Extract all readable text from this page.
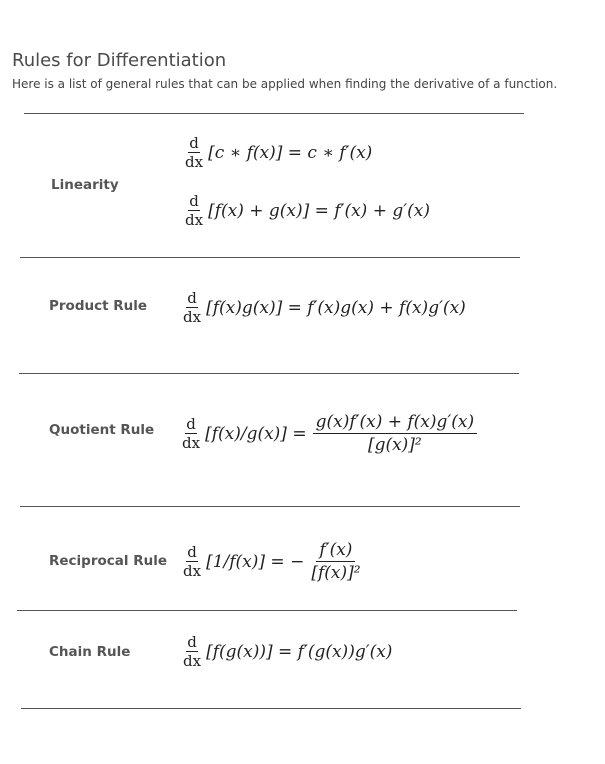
Rules for Differentiation
Here is a list of general rules that can be applied when finding the derivative of a function.
Linearity
$\frac{d}{dx} [c$ ∗ f(x)] = c ∗ f′(x)
$\frac{d}{dx} [f(x) + g(x)] = f'(x) + g'(x)$
Product Rule $\frac{d}{dx} [f(x)g(x)] = f'(x)g(x) + f(x)g'(x)$
Quotient Rule $\frac{d}{dx} [f(x)/g(x)] = \frac{g(x)f'(x) + f(x)g'(x)}{\text{[g(x)]²}}$
Reciprocal Rule $\frac{d}{dx} [1/f(x)]$ = − $\frac{f'(x)}{\text{[f(x)]²}}$
Chain Rule	$\frac{d}{dx} [f(g(x))] = f'(g(x))g'(x)$
